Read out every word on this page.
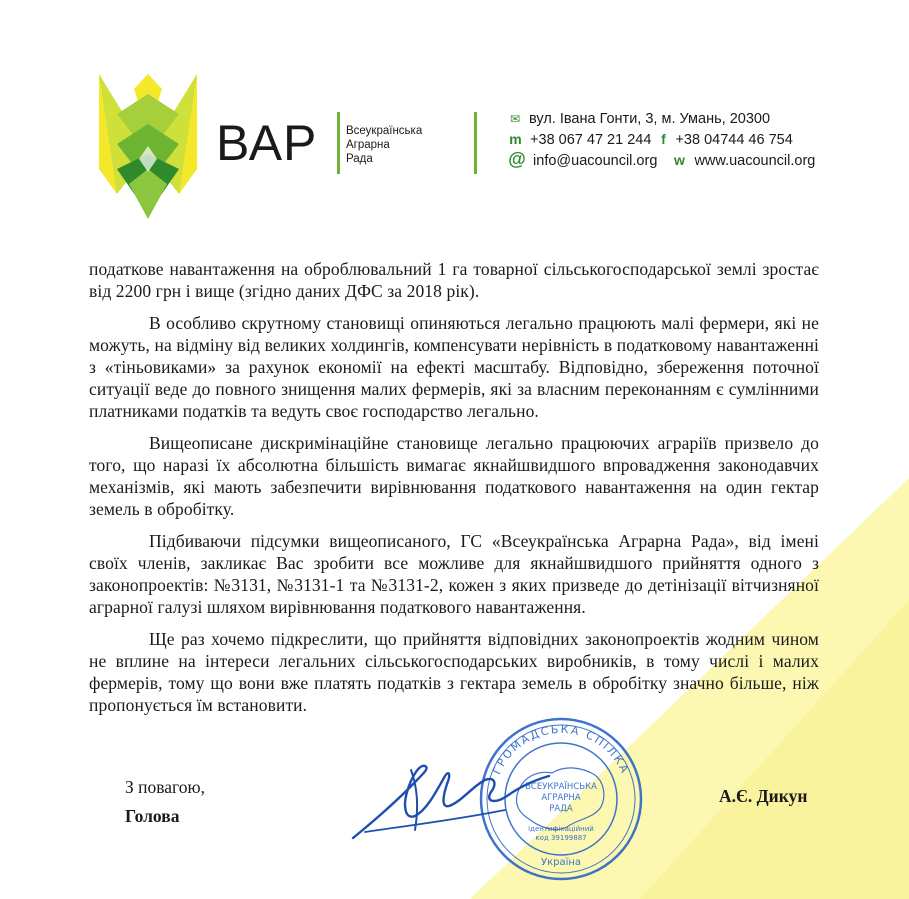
ВАР Всеукраїнська
Аграрна
Рада
✉ вул. Івана Гонти, 3, м. Умань, 20300
m +38 067 47 21 244 f +38 04744 46 754
@ info@uacouncil.org w www.uacouncil.org

податкове навантаження на оброблювальний 1 га товарної сільськогосподарської землі зростає від 2200 грн і вище (згідно даних ДФС за 2018 рік).

В особливо скрутному становищі опиняються легально працюють малі фермери, які не можуть, на відміну від великих холдингів, компенсувати нерівність в податковому навантаженні з «тіньовиками» за рахунок економії на ефекті масштабу. Відповідно, збереження поточної ситуації веде до повного знищення малих фермерів, які за власним переконанням є сумлінними платниками податків та ведуть своє господарство легально.

Вищеописане дискримінаційне становище легально працюючих аграріїв призвело до того, що наразі їх абсолютна більшість вимагає якнайшвидшого впровадження законодавчих механізмів, які мають забезпечити вирівнювання податкового навантаження на один гектар земель в обробітку.

Підбиваючи підсумки вищеописаного, ГС «Всеукраїнська Аграрна Рада», від імені своїх членів, закликає Вас зробити все можливе для якнайшвидшого прийняття одного з законопроектів: №3131, №3131-1 та №3131-2, кожен з яких призведе до детінізації вітчизняної аграрної галузі шляхом вирівнювання податкового навантаження.

Ще раз хочемо підкреслити, що прийняття відповідних законопроектів жодним чином не вплине на інтереси легальних сільськогосподарських виробників, в тому числі і малих фермерів, тому що вони вже платять податків з гектара земель в обробітку значно більше, ніж пропонується їм встановити.

З повагою,

Голова

А.Є. Дикун

ГРОМАДСЬКА СПІЛКА
ВСЕУКРАЇНСЬКА
АГРАРНА
РАДА
ідентифікаційний
код 39199887
Україна
